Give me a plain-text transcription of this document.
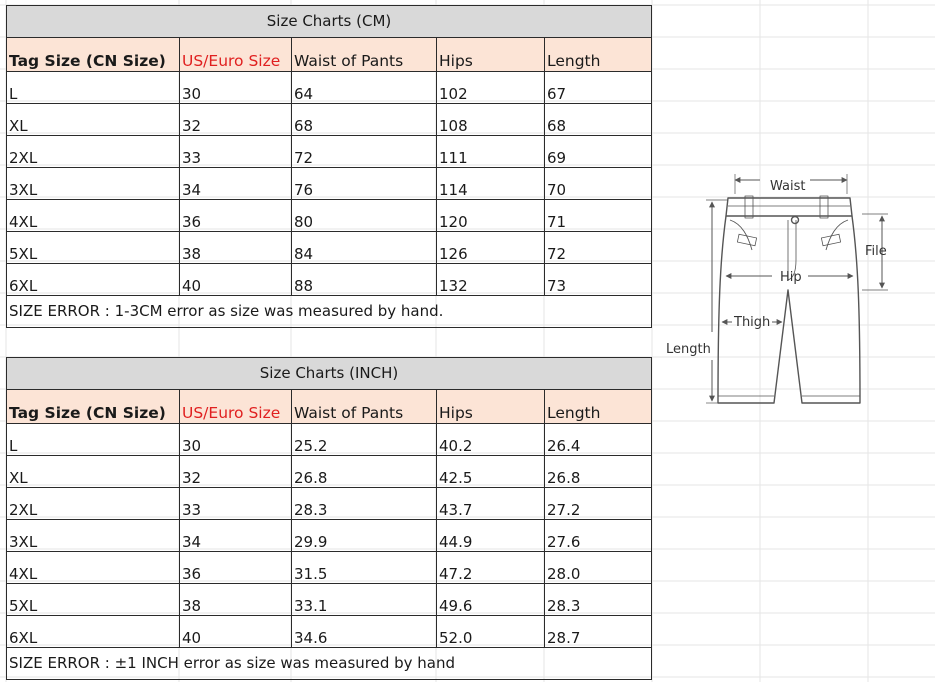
Size Charts (CM)				
Tag Size (CN Size)	US/Euro Size	Waist of Pants	Hips	Length
L	30	64	102	67
XL	32	68	108	68
2XL	33	72	111	69
3XL	34	76	114	70
4XL	36	80	120	71
5XL	38	84	126	72
6XL	40	88	132	73
SIZE ERROR : 1-3CM error as size was measured by hand.				
Size Charts (INCH)				
Tag Size (CN Size)	US/Euro Size	Waist of Pants	Hips	Length
L	30	25.2	40.2	26.4
XL	32	26.8	42.5	26.8
2XL	33	28.3	43.7	27.2
3XL	34	29.9	44.9	27.6
4XL	36	31.5	47.2	28.0
5XL	38	33.1	49.6	28.3
6XL	40	34.6	52.0	28.7
SIZE ERROR : ±1 INCH error as size was measured by hand				
Waist
File
Hip
Thigh
Length
